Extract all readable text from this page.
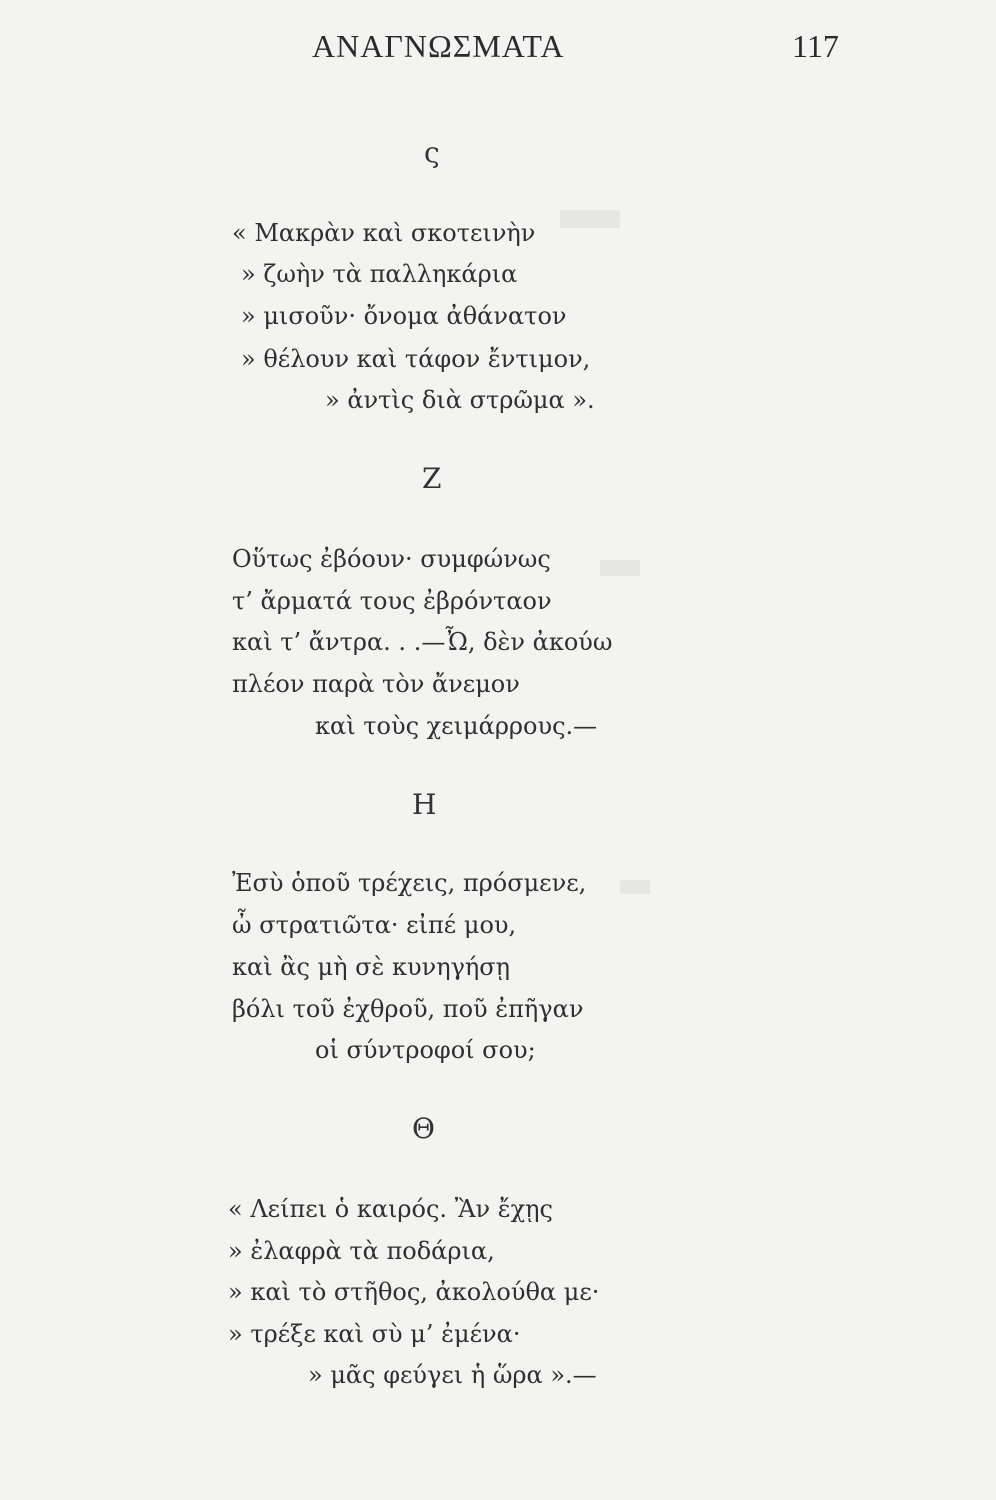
ΑΝΑΓΝΩΣΜΑΤΑ	117
ς
« Μακρὰν καὶ σκοτεινὴν
» ζωὴν τὰ παλληκάρια
» μισοῦν· ὄνομα ἀθάνατον
» θέλουν καὶ τάφον ἔντιμον,
» ἀντὶς διὰ στρῶμα ».
Ζ
Οὕτως ἐβόουν· συμφώνως
τ’ ἄρματά τους ἐβρόνταον
καὶ τ’ ἄντρα. . .—Ὦ, δὲν ἀκούω
πλέον παρὰ τὸν ἄνεμον
καὶ τοὺς χειμάρρους.—
Η
Ἐσὺ ὁποῦ τρέχεις, πρόσμενε,
ὦ στρατιῶτα· εἰπέ μου,
καὶ ἂς μὴ σὲ κυνηγήσῃ
βόλι τοῦ ἐχθροῦ, ποῦ ἐπῆγαν
οἱ σύντροφοί σου;
Θ
« Λείπει ὁ καιρός. Ἂν ἔχῃς
» ἐλαφρὰ τὰ ποδάρια,
» καὶ τὸ στῆθος, ἀκολούθα με·
» τρέξε καὶ σὺ μ’ ἐμένα·
» μᾶς φεύγει ἡ ὥρα ».—
